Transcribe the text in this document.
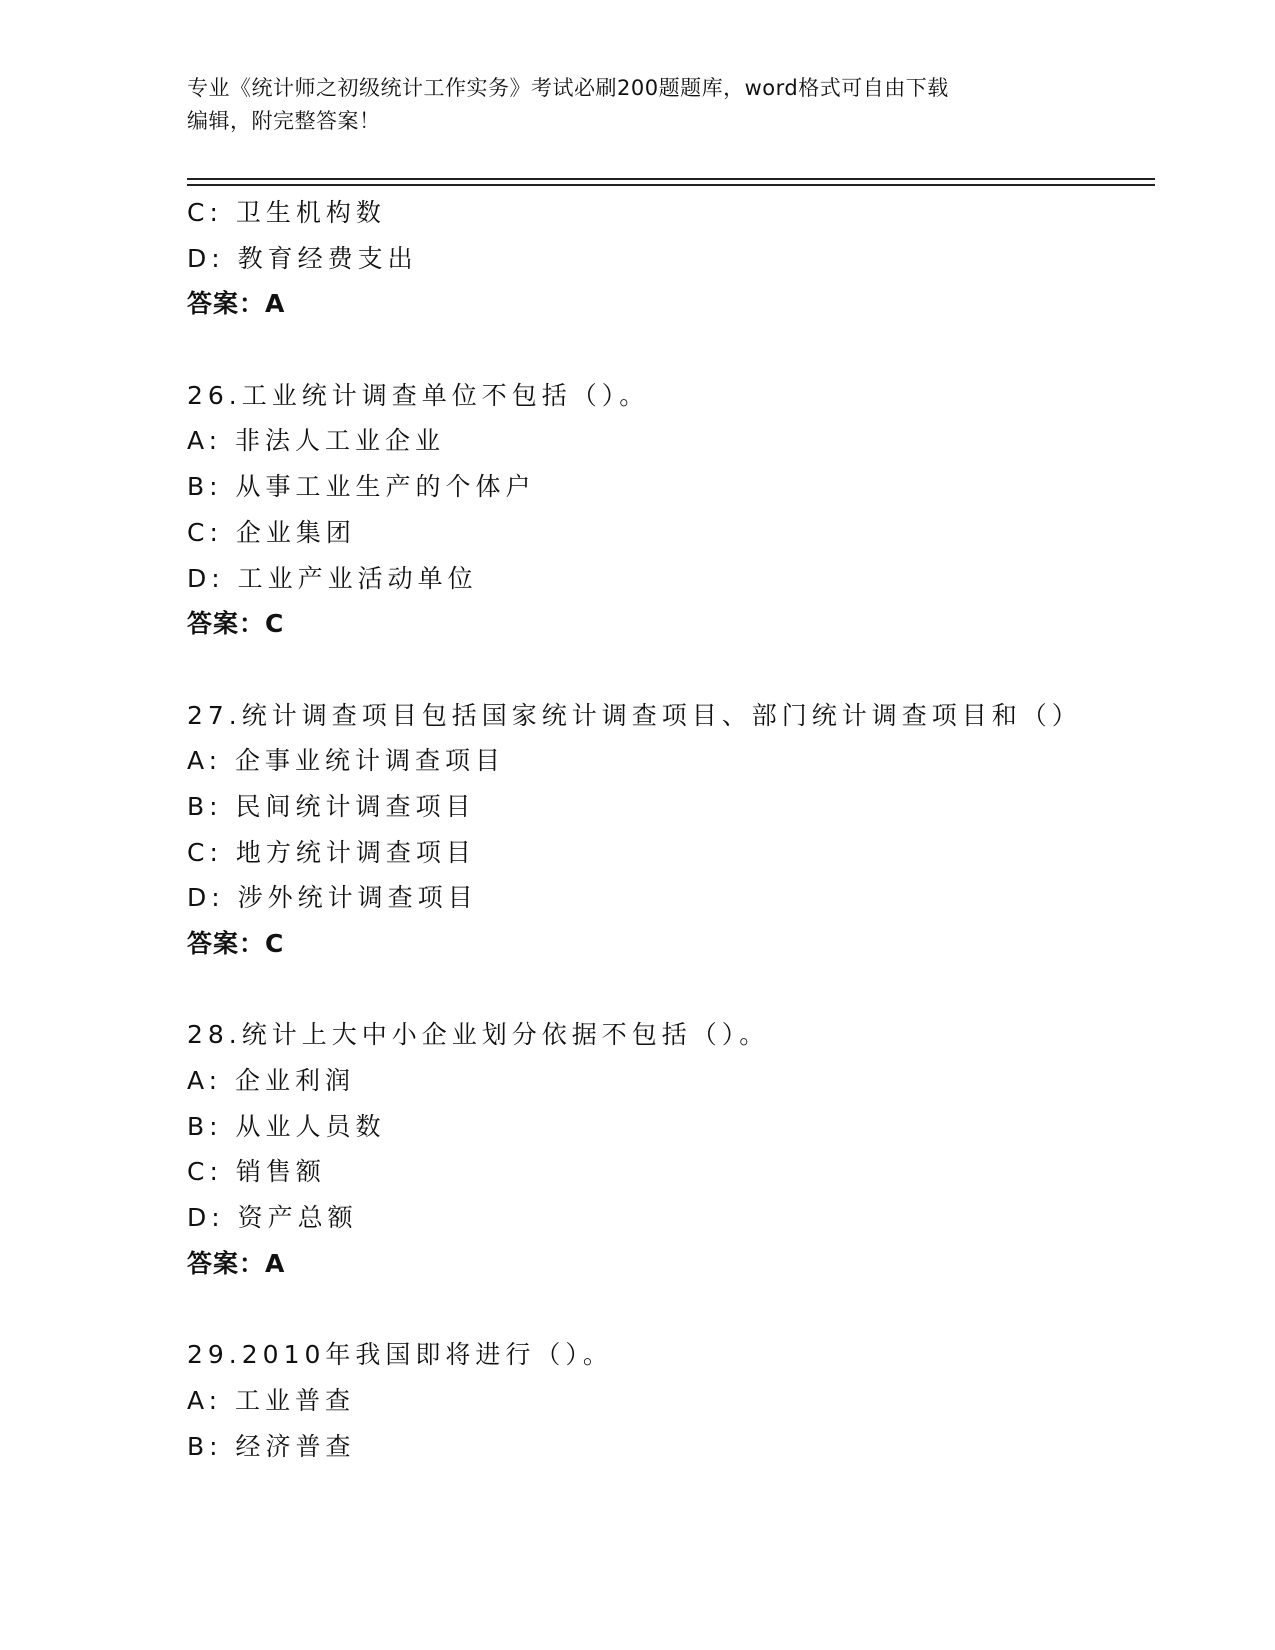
专业《统计师之初级统计工作实务》考试必刷200题题库，word格式可自由下载
编辑，附完整答案！
C: 卫生机构数
D: 教育经费支出
答案：A
26.工业统计调查单位不包括（）。
A: 非法人工业企业
B: 从事工业生产的个体户
C: 企业集团
D: 工业产业活动单位
答案：C
27.统计调查项目包括国家统计调查项目、部门统计调查项目和（）
A: 企事业统计调查项目
B: 民间统计调查项目
C: 地方统计调查项目
D: 涉外统计调查项目
答案：C
28.统计上大中小企业划分依据不包括（）。
A: 企业利润
B: 从业人员数
C: 销售额
D: 资产总额
答案：A
29.2010年我国即将进行（）。
A: 工业普查
B: 经济普查
